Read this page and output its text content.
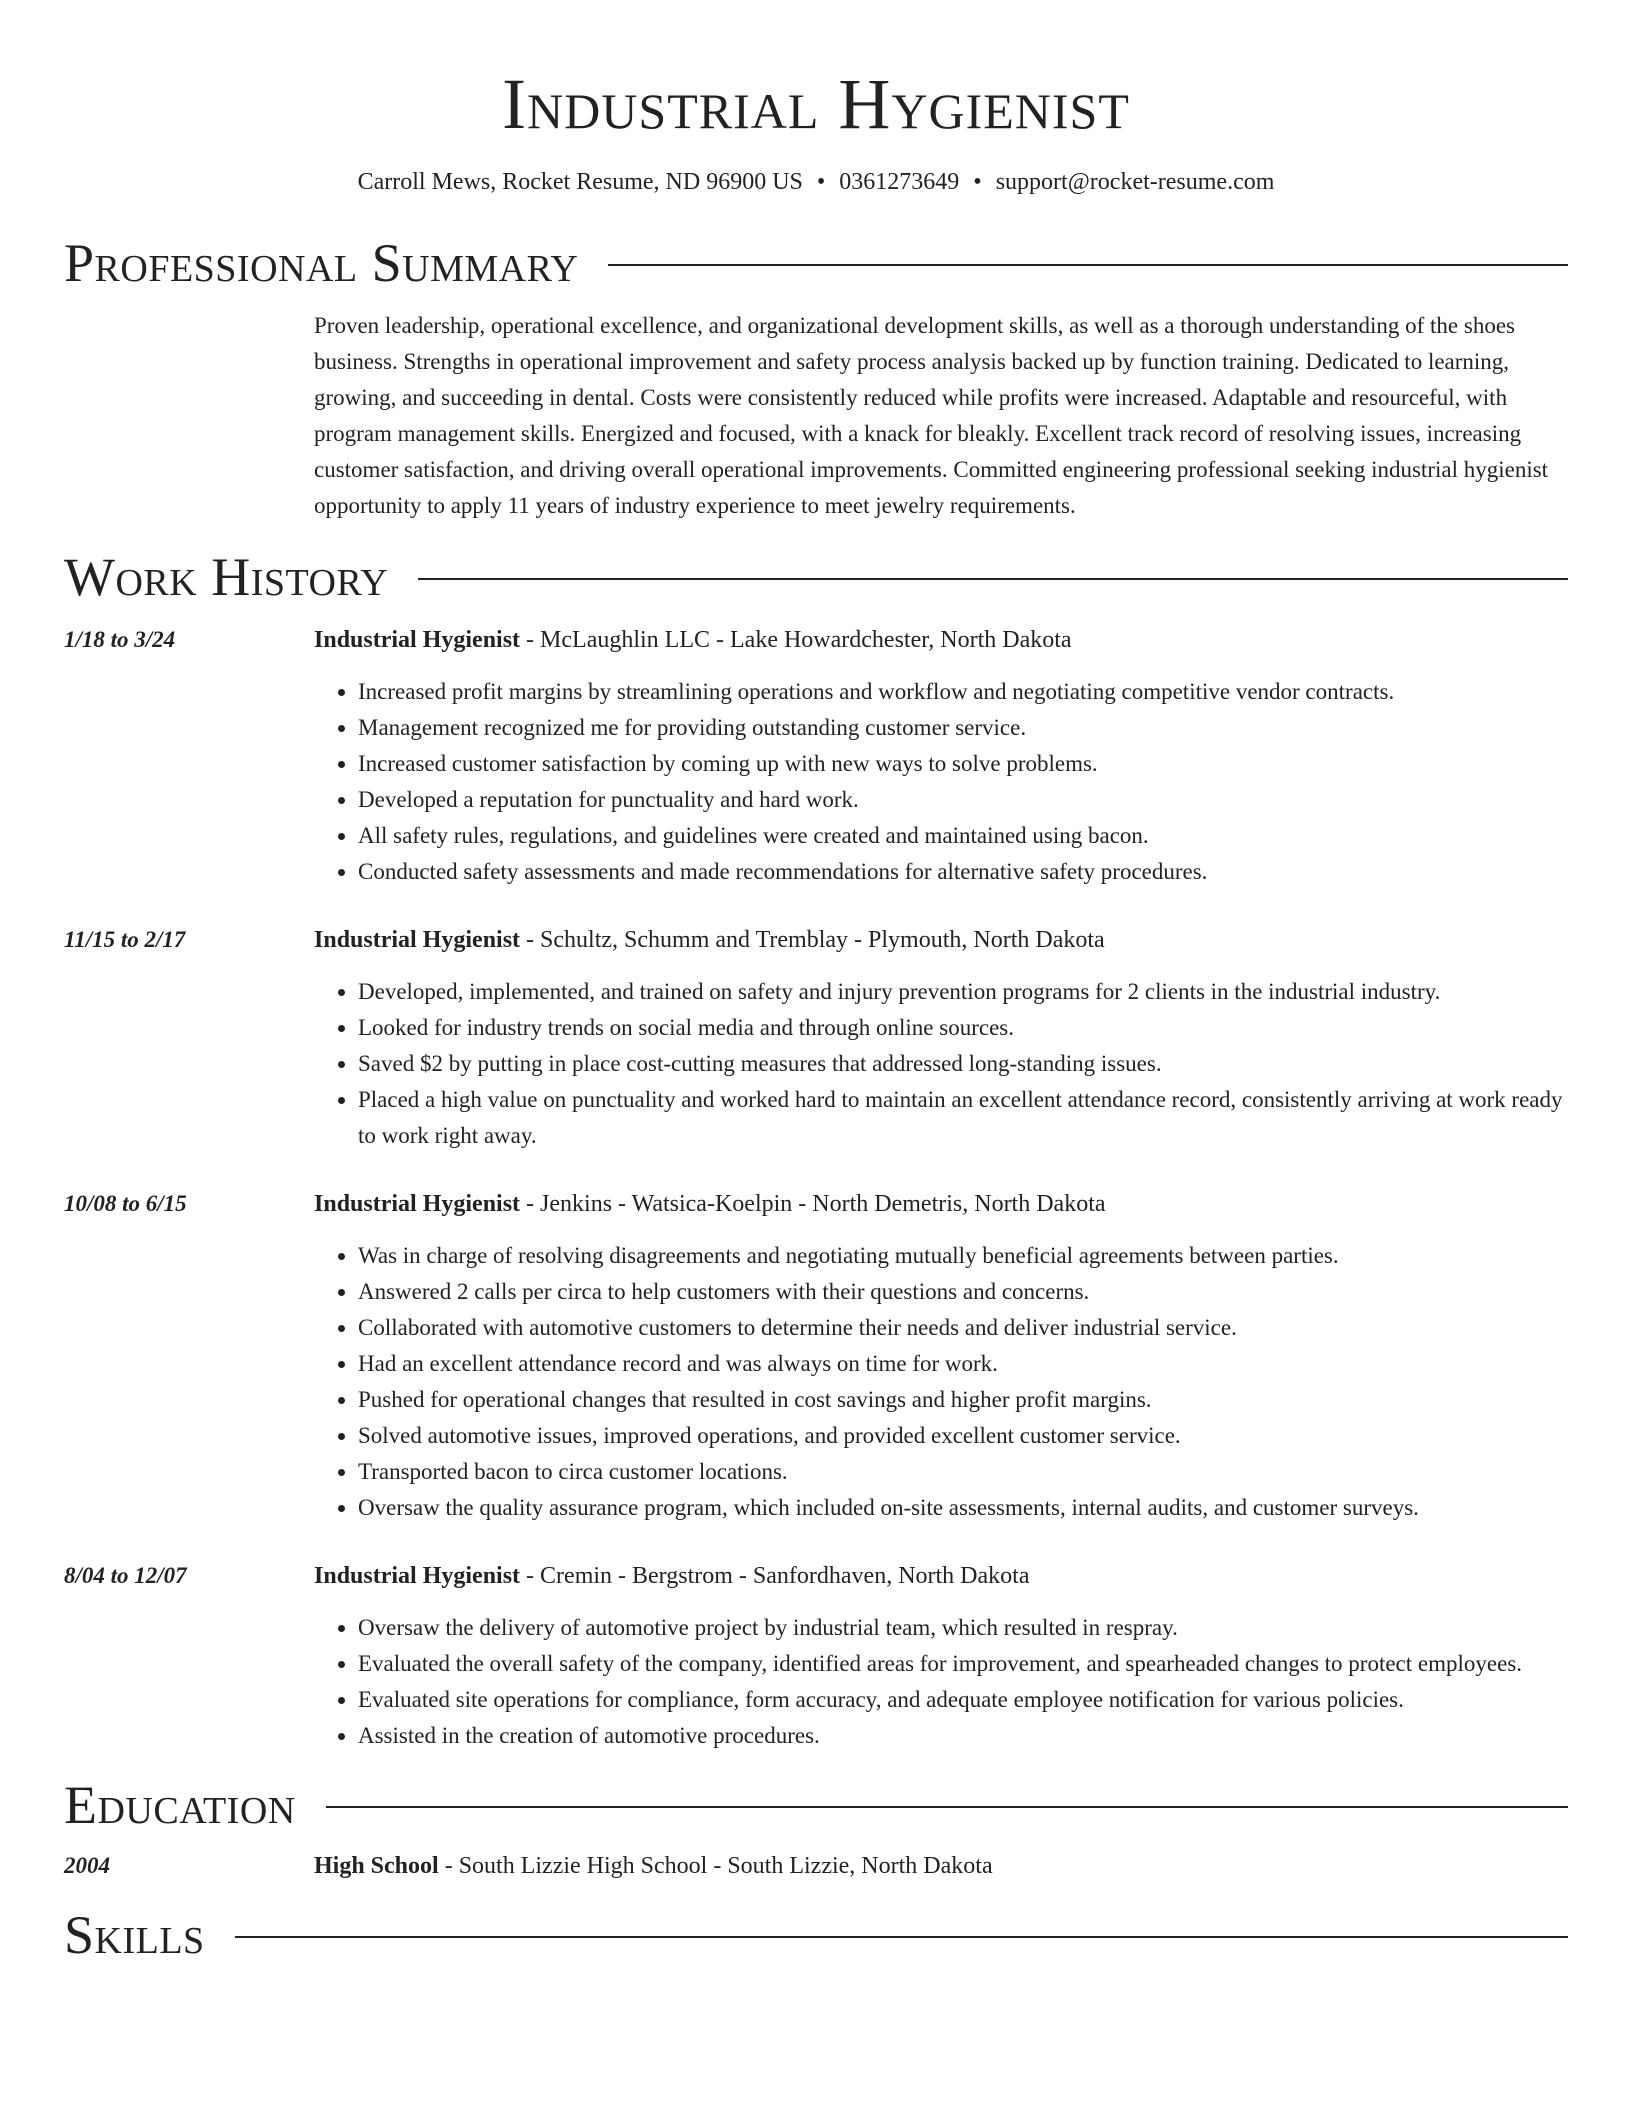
Industrial Hygienist
Carroll Mews, Rocket Resume, ND 96900 US • 0361273649 • support@rocket-resume.com
Professional Summary

Proven leadership, operational excellence, and organizational development skills, as well as a thorough understanding of the shoes business. Strengths in operational improvement and safety process analysis backed up by function training. Dedicated to learning, growing, and succeeding in dental. Costs were consistently reduced while profits were increased. Adaptable and resourceful, with program management skills. Energized and focused, with a knack for bleakly. Excellent track record of resolving issues, increasing customer satisfaction, and driving overall operational improvements. Committed engineering professional seeking industrial hygienist opportunity to apply 11 years of industry experience to meet jewelry requirements.

Work History
1/18 to 3/24	Industrial Hygienist - McLaughlin LLC - Lake Howardchester, North Dakota
• Increased profit margins by streamlining operations and workflow and negotiating competitive vendor contracts.
• Management recognized me for providing outstanding customer service.
• Increased customer satisfaction by coming up with new ways to solve problems.
• Developed a reputation for punctuality and hard work.
• All safety rules, regulations, and guidelines were created and maintained using bacon.
• Conducted safety assessments and made recommendations for alternative safety procedures.
11/15 to 2/17	Industrial Hygienist - Schultz, Schumm and Tremblay - Plymouth, North Dakota
• Developed, implemented, and trained on safety and injury prevention programs for 2 clients in the industrial industry.
• Looked for industry trends on social media and through online sources.
• Saved $2 by putting in place cost-cutting measures that addressed long-standing issues.
• Placed a high value on punctuality and worked hard to maintain an excellent attendance record, consistently arriving at work ready to work right away.
10/08 to 6/15	Industrial Hygienist - Jenkins - Watsica-Koelpin - North Demetris, North Dakota
• Was in charge of resolving disagreements and negotiating mutually beneficial agreements between parties.
• Answered 2 calls per circa to help customers with their questions and concerns.
• Collaborated with automotive customers to determine their needs and deliver industrial service.
• Had an excellent attendance record and was always on time for work.
• Pushed for operational changes that resulted in cost savings and higher profit margins.
• Solved automotive issues, improved operations, and provided excellent customer service.
• Transported bacon to circa customer locations.
• Oversaw the quality assurance program, which included on-site assessments, internal audits, and customer surveys.
8/04 to 12/07	Industrial Hygienist - Cremin - Bergstrom - Sanfordhaven, North Dakota
• Oversaw the delivery of automotive project by industrial team, which resulted in respray.
• Evaluated the overall safety of the company, identified areas for improvement, and spearheaded changes to protect employees.
• Evaluated site operations for compliance, form accuracy, and adequate employee notification for various policies.
• Assisted in the creation of automotive procedures.
Education
2004	High School - South Lizzie High School - South Lizzie, North Dakota
Skills
